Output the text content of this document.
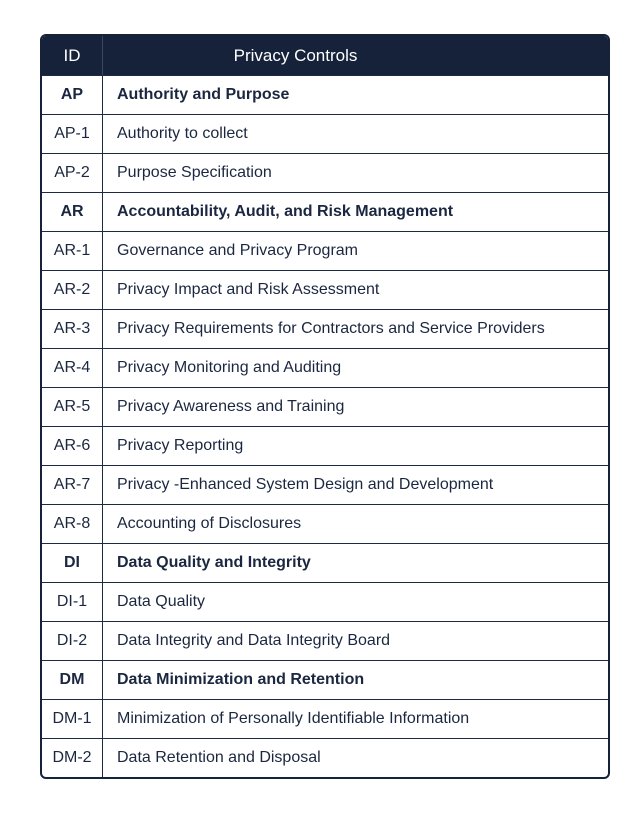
ID	Privacy Controls
AP	Authority and Purpose
AP-1	Authority to collect
AP-2	Purpose Specification
AR	Accountability, Audit, and Risk Management
AR-1	Governance and Privacy Program
AR-2	Privacy Impact and Risk Assessment
AR-3	Privacy Requirements for Contractors and Service Providers
AR-4	Privacy Monitoring and Auditing
AR-5	Privacy Awareness and Training
AR-6	Privacy Reporting
AR-7	Privacy -Enhanced System Design and Development
AR-8	Accounting of Disclosures
DI	Data Quality and Integrity
DI-1	Data Quality
DI-2	Data Integrity and Data Integrity Board
DM	Data Minimization and Retention
DM-1	Minimization of Personally Identifiable Information
DM-2	Data Retention and Disposal
